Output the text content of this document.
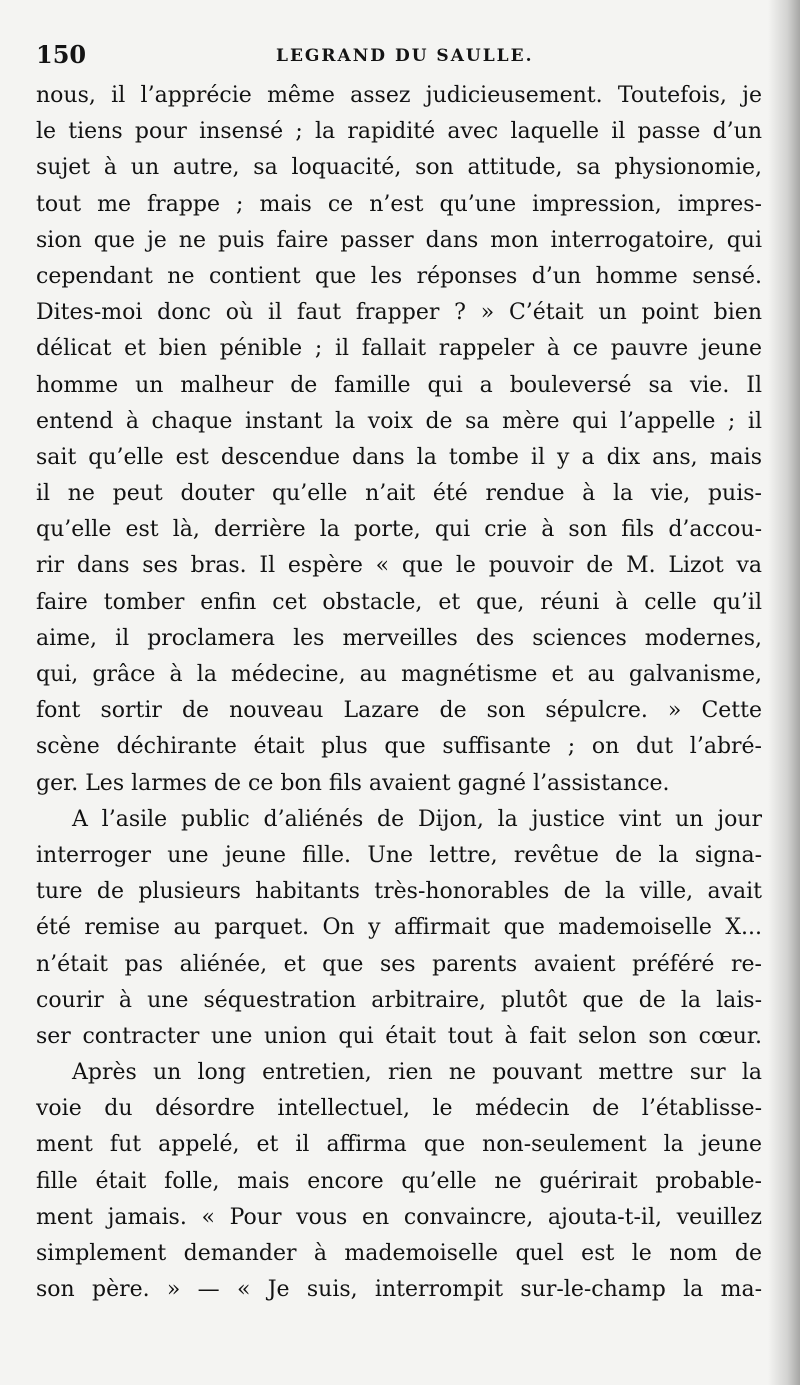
150	LEGRAND DU SAULLE.
nous, il l’apprécie même assez judicieusement. Toutefois, je
le tiens pour insensé ; la rapidité avec laquelle il passe d’un
sujet à un autre, sa loquacité, son attitude, sa physionomie,
tout me frappe ; mais ce n’est qu’une impression, impres-
sion que je ne puis faire passer dans mon interrogatoire, qui
cependant ne contient que les réponses d’un homme sensé.
Dites-moi donc où il faut frapper ? » C’était un point bien
délicat et bien pénible ; il fallait rappeler à ce pauvre jeune
homme un malheur de famille qui a bouleversé sa vie. Il
entend à chaque instant la voix de sa mère qui l’appelle ; il
sait qu’elle est descendue dans la tombe il y a dix ans, mais
il ne peut douter qu’elle n’ait été rendue à la vie, puis-
qu’elle est là, derrière la porte, qui crie à son fils d’accou-
rir dans ses bras. Il espère « que le pouvoir de M. Lizot va
faire tomber enfin cet obstacle, et que, réuni à celle qu’il
aime, il proclamera les merveilles des sciences modernes,
qui, grâce à la médecine, au magnétisme et au galvanisme,
font sortir de nouveau Lazare de son sépulcre. » Cette
scène déchirante était plus que suffisante ; on dut l’abré-
ger. Les larmes de ce bon fils avaient gagné l’assistance.
A l’asile public d’aliénés de Dijon, la justice vint un jour
interroger une jeune fille. Une lettre, revêtue de la signa-
ture de plusieurs habitants très-honorables de la ville, avait
été remise au parquet. On y affirmait que mademoiselle X...
n’était pas aliénée, et que ses parents avaient préféré re-
courir à une séquestration arbitraire, plutôt que de la lais-
ser contracter une union qui était tout à fait selon son cœur.
Après un long entretien, rien ne pouvant mettre sur la
voie du désordre intellectuel, le médecin de l’établisse-
ment fut appelé, et il affirma que non-seulement la jeune
fille était folle, mais encore qu’elle ne guérirait probable-
ment jamais. « Pour vous en convaincre, ajouta-t-il, veuillez
simplement demander à mademoiselle quel est le nom de
son père. » — « Je suis, interrompit sur-le-champ la ma-
